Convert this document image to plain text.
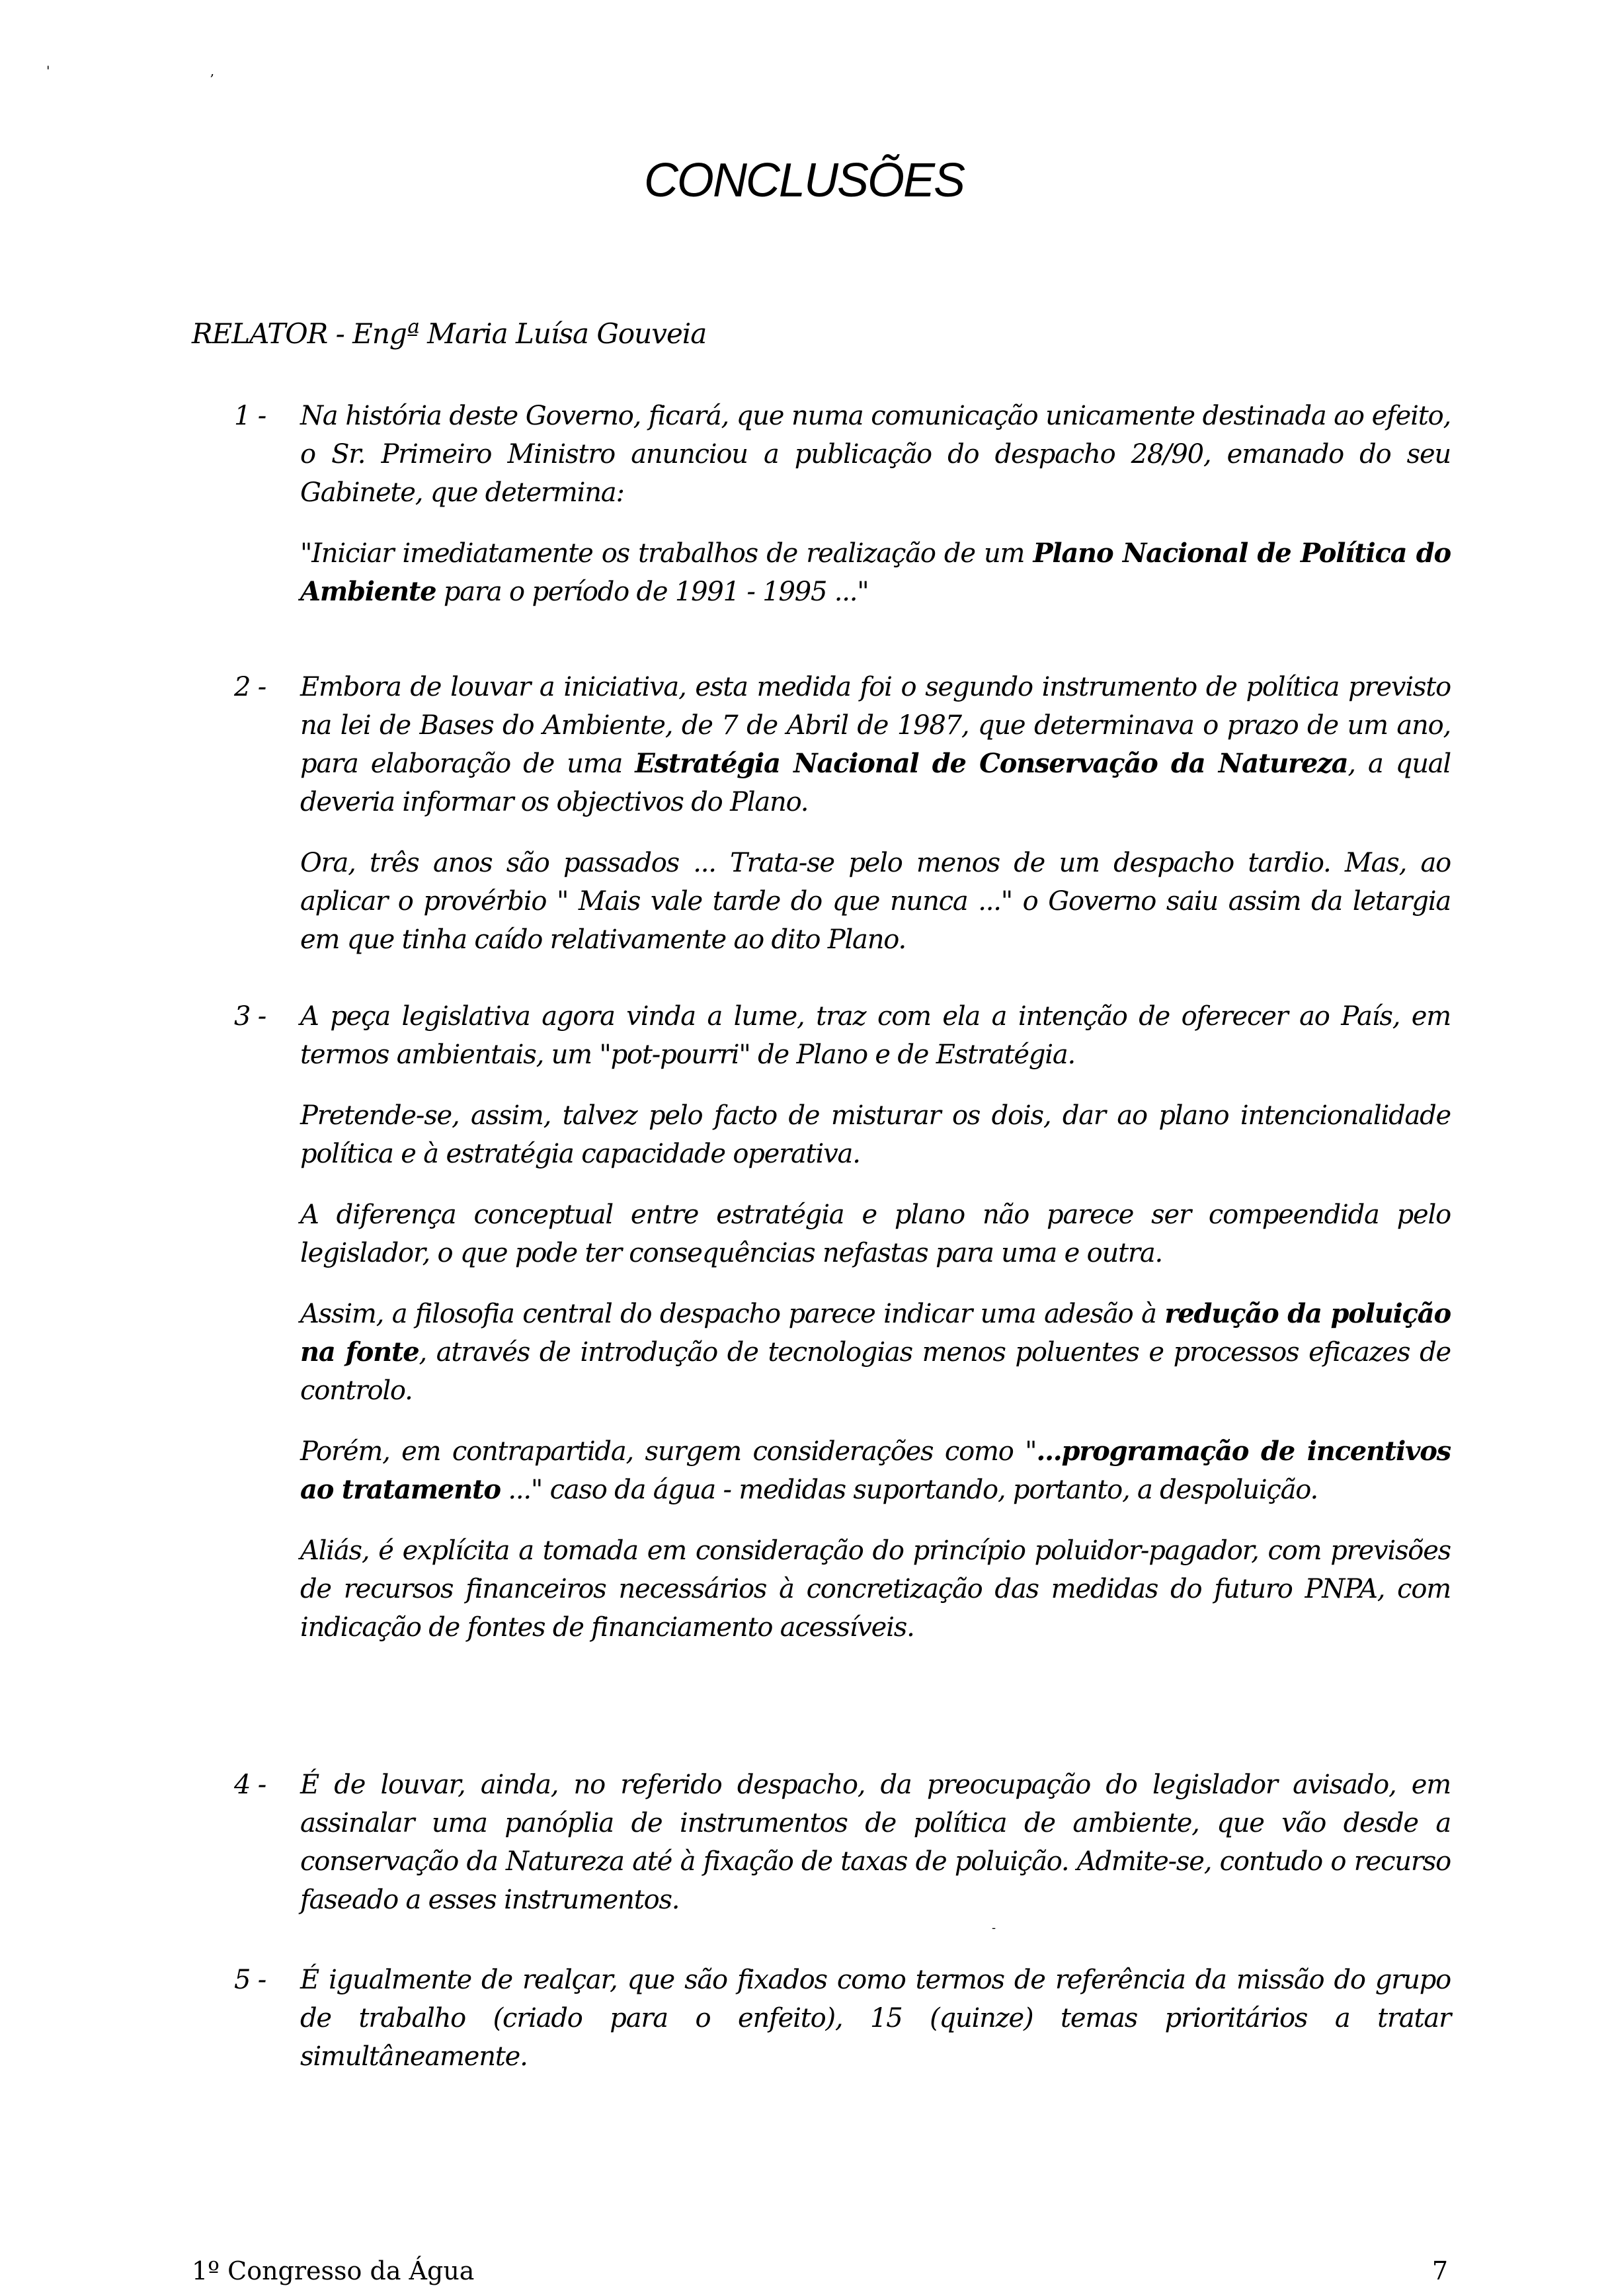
' ,
CONCLUSÕES
RELATOR - Engª Maria Luísa Gouveia
1 -	Na história deste Governo, ficará, que numa comunicação unicamente destinada ao efeito, o Sr. Primeiro Ministro anunciou a publicação do despacho 28/90, emanado do seu Gabinete, que determina:

"Iniciar imediatamente os trabalhos de realização de um Plano Nacional de Política do Ambiente para o período de 1991 - 1995 ..."

2 -	Embora de louvar a iniciativa, esta medida foi o segundo instrumento de política previsto na lei de Bases do Ambiente, de 7 de Abril de 1987, que determinava o prazo de um ano, para elaboração de uma Estratégia Nacional de Conservação da Natureza, a qual deveria informar os objectivos do Plano.

Ora, três anos são passados ... Trata-se pelo menos de um despacho tardio. Mas, ao aplicar o provérbio " Mais vale tarde do que nunca ..." o Governo saiu assim da letargia em que tinha caído relativamente ao dito Plano.

3 -	A peça legislativa agora vinda a lume, traz com ela a intenção de oferecer ao País, em termos ambientais, um "pot-pourri" de Plano e de Estratégia.

Pretende-se, assim, talvez pelo facto de misturar os dois, dar ao plano intencionalidade política e à estratégia capacidade operativa.

A diferença conceptual entre estratégia e plano não parece ser compeendida pelo legislador, o que pode ter consequências nefastas para uma e outra.

Assim, a filosofia central do despacho parece indicar uma adesão à redução da poluição na fonte, através de introdução de tecnologias menos poluentes e processos eficazes de controlo.

Porém, em contrapartida, surgem considerações como "...programação de incentivos ao tratamento ..." caso da água - medidas suportando, portanto, a despoluição.

Aliás, é explícita a tomada em consideração do princípio poluidor-pagador, com previsões de recursos financeiros necessários à concretização das medidas do futuro PNPA, com indicação de fontes de financiamento acessíveis.

4 -	É de louvar, ainda, no referido despacho, da preocupação do legislador avisado, em assinalar uma panóplia de instrumentos de política de ambiente, que vão desde a conservação da Natureza até à fixação de taxas de poluição. Admite-se, contudo o recurso faseado a esses instrumentos.

-
5 -	É igualmente de realçar, que são fixados como termos de referência da missão do grupo de trabalho (criado para o enfeito), 15 (quinze) temas prioritários a tratar simultâneamente.

1º Congresso da Água	7
